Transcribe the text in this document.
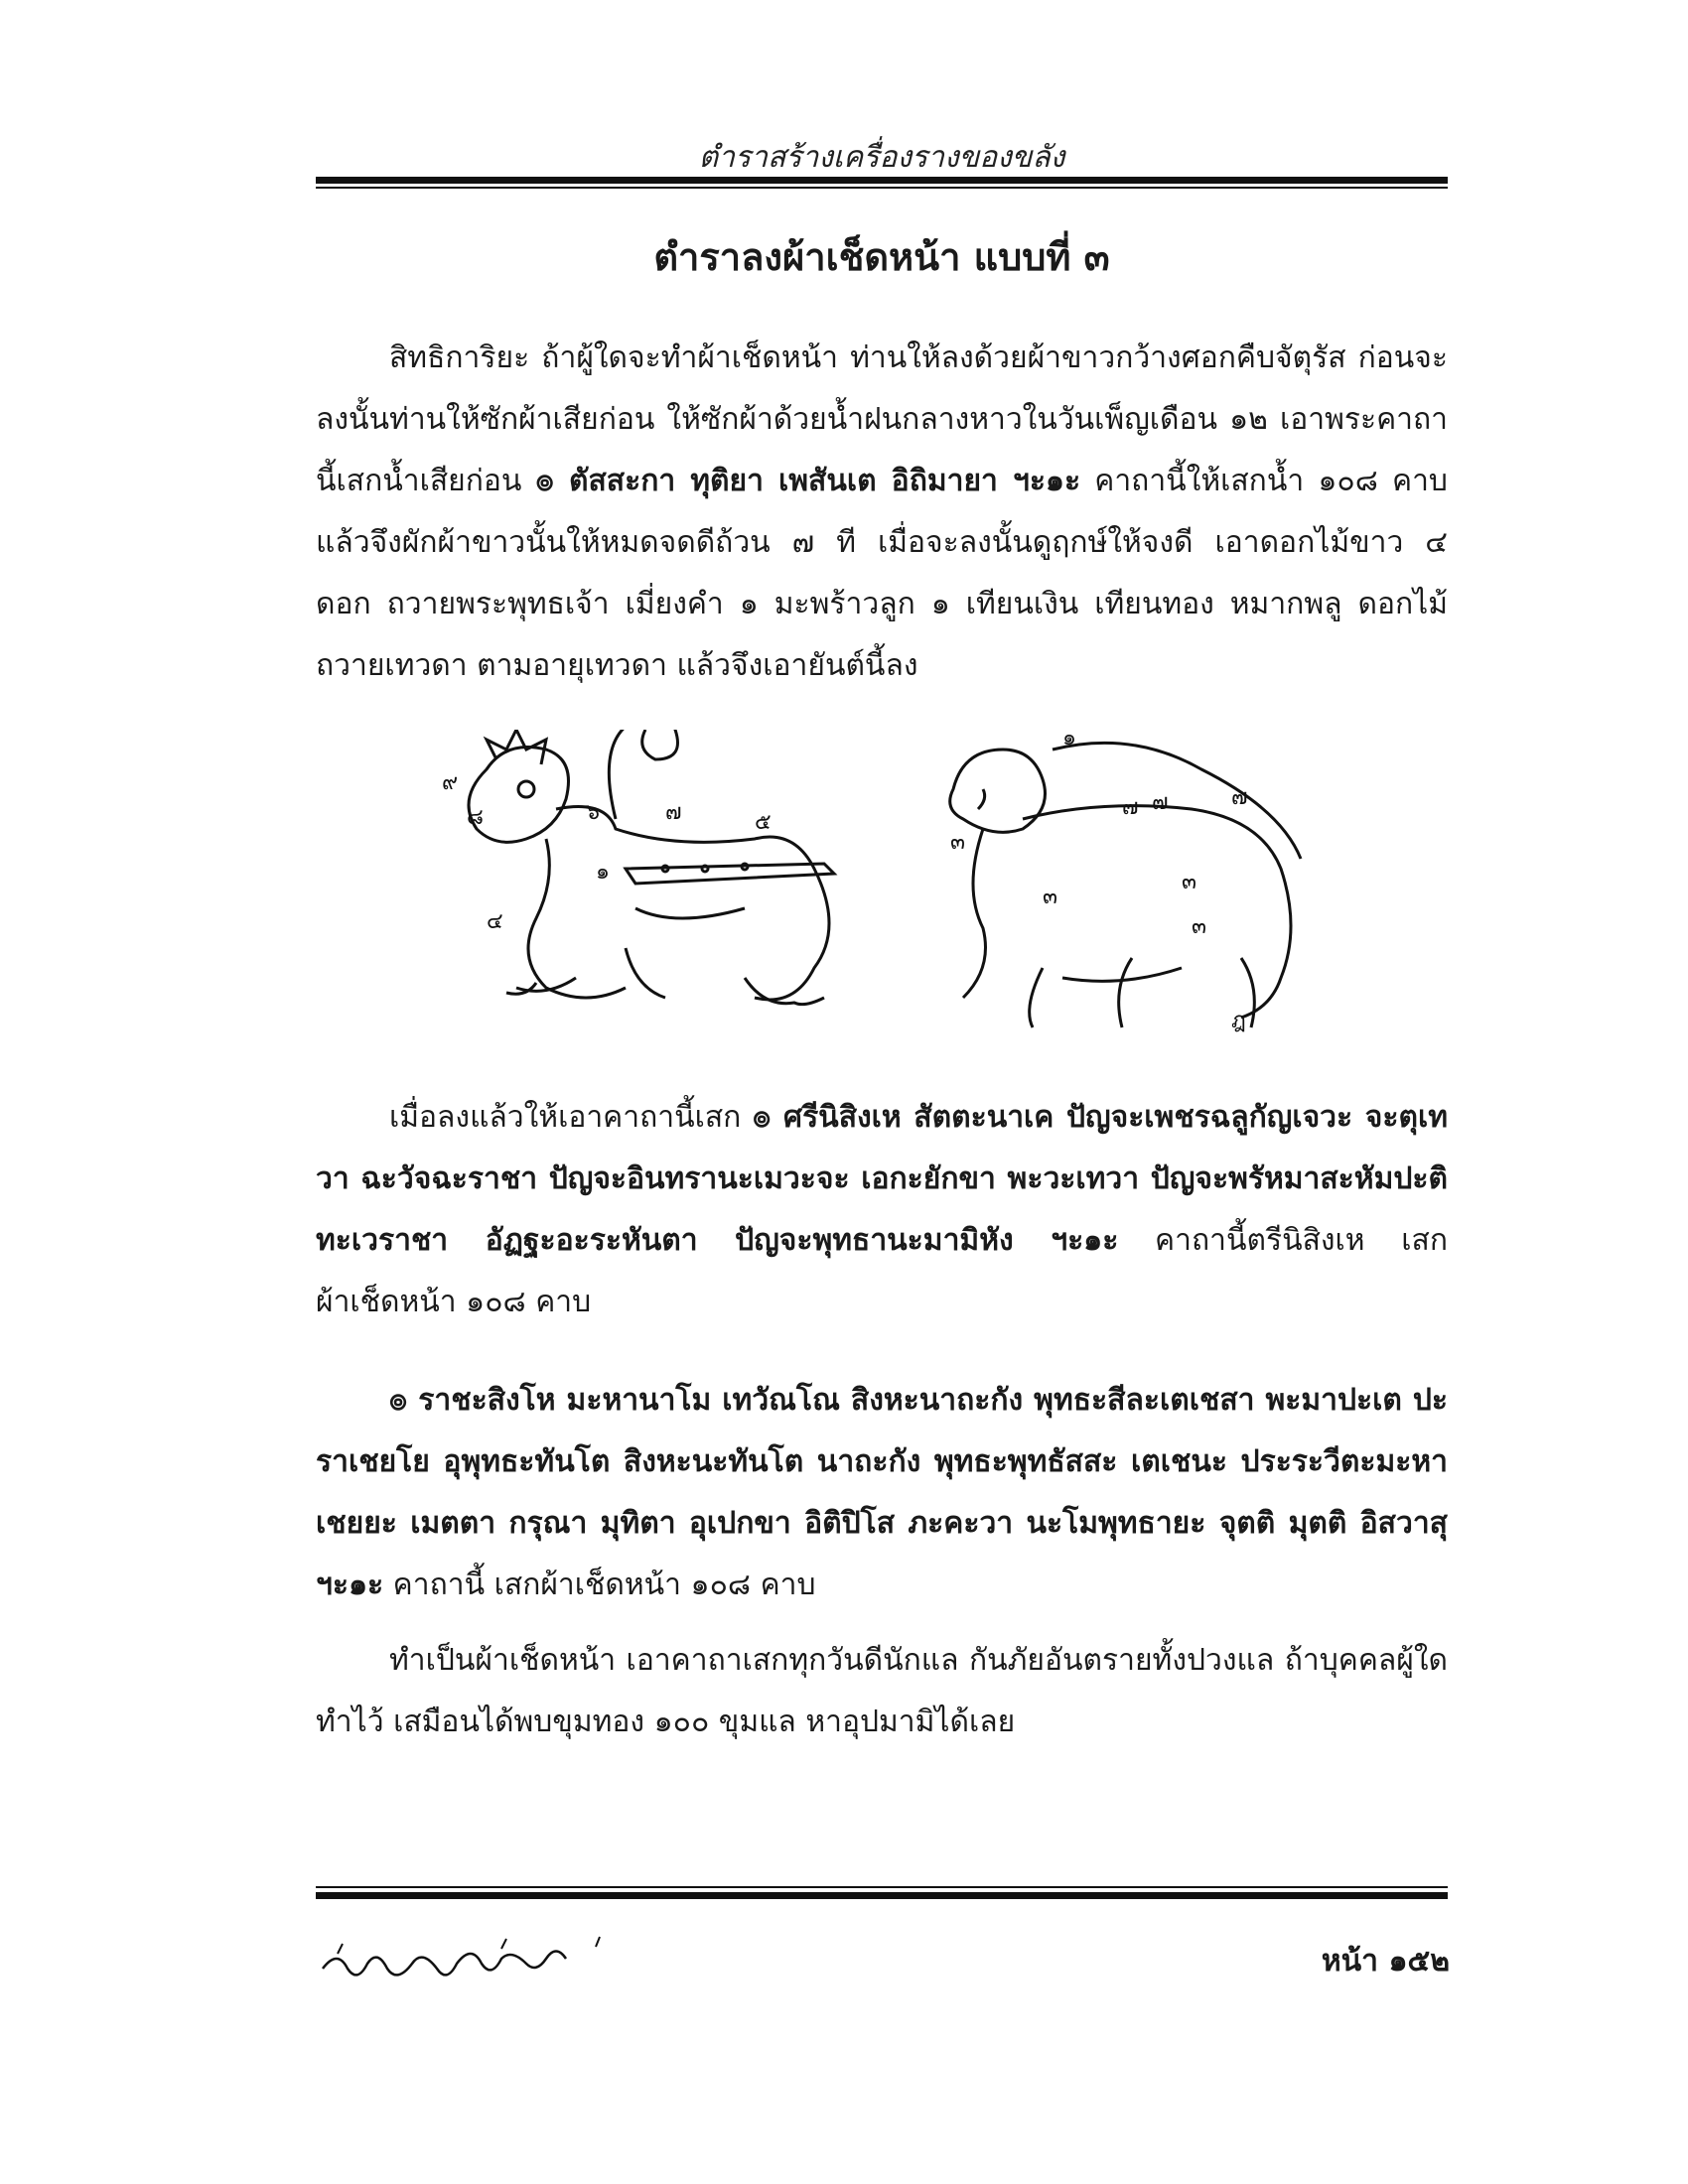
ตำราสร้างเครื่องรางของขลัง
ตำราลงผ้าเช็ดหน้า แบบที่ ๓

สิทธิการิยะ ถ้าผู้ใดจะทำผ้าเช็ดหน้า ท่านให้ลงด้วยผ้าขาวกว้างศอกคืบจัตุรัส ก่อนจะลงนั้นท่านให้ซักผ้าเสียก่อน ให้ซักผ้าด้วยน้ำฝนกลางหาวในวันเพ็ญเดือน ๑๒ เอาพระคาถานี้เสกน้ำเสียก่อน ๏ ตัสสะกา ทุติยา เพสันเต อิถิมายา ฯะ๑ะ คาถานี้ให้เสกน้ำ ๑๐๘ คาบ แล้วจึงผักผ้าขาวนั้นให้หมดจดดีถ้วน ๗ ที เมื่อจะลงนั้นดูฤกษ์ให้จงดี เอาดอกไม้ขาว ๔ ดอก ถวายพระพุทธเจ้า เมี่ยงคำ ๑ มะพร้าวลูก ๑ เทียนเงิน เทียนทอง หมากพลู ดอกไม้ ถวายเทวดา ตามอายุเทวดา แล้วจึงเอายันต์นี้ลง

๙
๘	๖	๗	๕
๑
๔
๑
๗ ๗	๗
๓
๓
๓
๓
ฎ

เมื่อลงแล้วให้เอาคาถานี้เสก ๏ ศรีนิสิงเห สัตตะนาเค ปัญจะเพชรฉลูกัญเจวะ จะตุเทวา ฉะวัจฉะราชา ปัญจะอินทรานะเมวะจะ เอกะยักขา พะวะเทวา ปัญจะพรัหมาสะหัมปะติทะเวราชา อัฏฐะอะระหันตา ปัญจะพุทธานะมามิหัง ฯะ๑ะ คาถานี้ตรีนิสิงเห เสกผ้าเช็ดหน้า ๑๐๘ คาบ

๏ ราชะสิงโห มะหานาโม เทวัณโณ สิงหะนาถะกัง พุทธะสีละเตเชสา พะมาปะเต ปะราเชยโย อุพุทธะทันโต สิงหะนะทันโต นาถะกัง พุทธะพุทธัสสะ เตเชนะ ประระวีตะมะหาเชยยะ เมตตา กรุณา มุทิตา อุเปกขา อิติปิโส ภะคะวา นะโมพุทธายะ จุตติ มุตติ อิสวาสุ ฯะ๑ะ คาถานี้ เสกผ้าเช็ดหน้า ๑๐๘ คาบ

ทำเป็นผ้าเช็ดหน้า เอาคาถาเสกทุกวันดีนักแล กันภัยอันตรายทั้งปวงแล ถ้าบุคคลผู้ใดทำไว้ เสมือนได้พบขุมทอง ๑๐๐ ขุมแล หาอุปมามิได้เลย

หน้า ๑๕๒
